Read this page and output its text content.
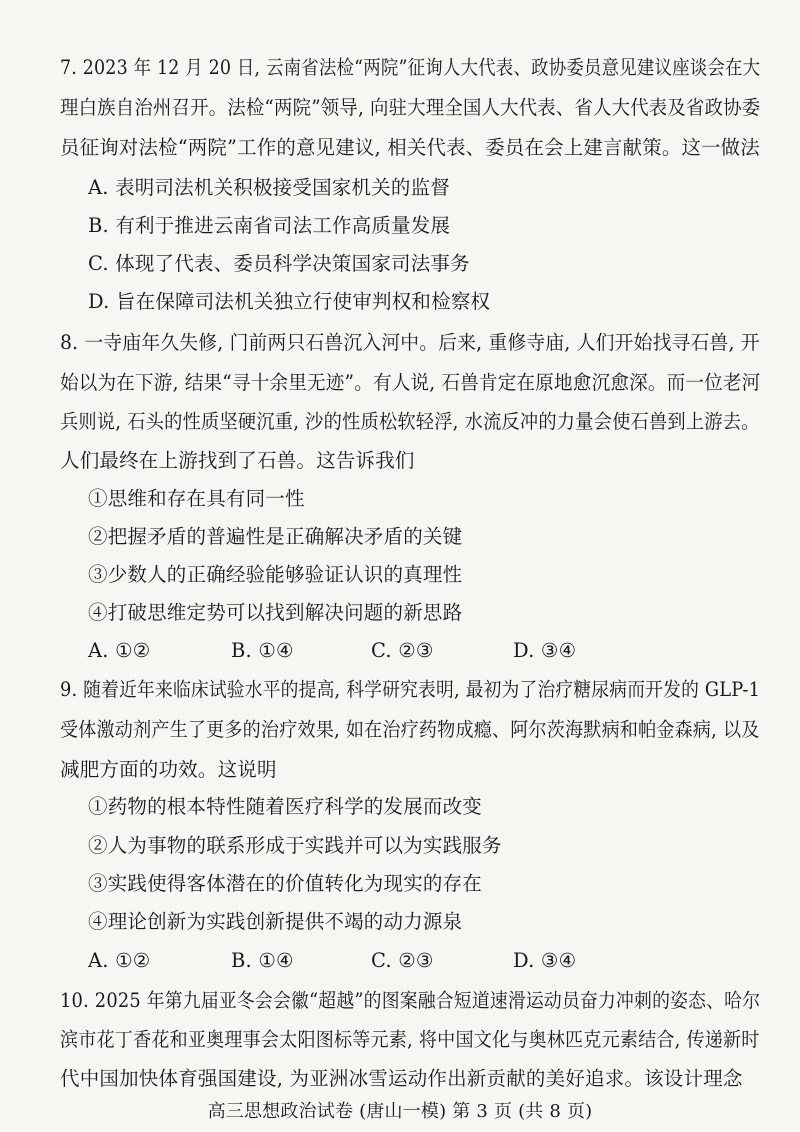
7. 2023 年 12 月 20 日, 云南省法检“两院”征询人大代表、政协委员意见建议座谈会在大
理白族自治州召开。法检“两院”领导, 向驻大理全国人大代表、省人大代表及省政协委
员征询对法检“两院”工作的意见建议, 相关代表、委员在会上建言献策。这一做法
A. 表明司法机关积极接受国家机关的监督
B. 有利于推进云南省司法工作高质量发展
C. 体现了代表、委员科学决策国家司法事务
D. 旨在保障司法机关独立行使审判权和检察权
8. 一寺庙年久失修, 门前两只石兽沉入河中。后来, 重修寺庙, 人们开始找寻石兽, 开
始以为在下游, 结果“寻十余里无迹”。有人说, 石兽肯定在原地愈沉愈深。而一位老河
兵则说, 石头的性质坚硬沉重, 沙的性质松软轻浮, 水流反冲的力量会使石兽到上游去。
人们最终在上游找到了石兽。这告诉我们
①思维和存在具有同一性
②把握矛盾的普遍性是正确解决矛盾的关键
③少数人的正确经验能够验证认识的真理性
④打破思维定势可以找到解决问题的新思路
A. ①②	B. ①④	C. ②③	D. ③④
9. 随着近年来临床试验水平的提高, 科学研究表明, 最初为了治疗糖尿病而开发的 GLP-1
受体激动剂产生了更多的治疗效果, 如在治疗药物成瘾、阿尔茨海默病和帕金森病, 以及
减肥方面的功效。这说明
①药物的根本特性随着医疗科学的发展而改变
②人为事物的联系形成于实践并可以为实践服务
③实践使得客体潜在的价值转化为现实的存在
④理论创新为实践创新提供不竭的动力源泉
A. ①②	B. ①④	C. ②③	D. ③④
10. 2025 年第九届亚冬会会徽“超越”的图案融合短道速滑运动员奋力冲刺的姿态、哈尔
滨市花丁香花和亚奥理事会太阳图标等元素, 将中国文化与奥林匹克元素结合, 传递新时
代中国加快体育强国建设, 为亚洲冰雪运动作出新贡献的美好追求。该设计理念
高三思想政治试卷 (唐山一模) 第 3 页 (共 8 页)
